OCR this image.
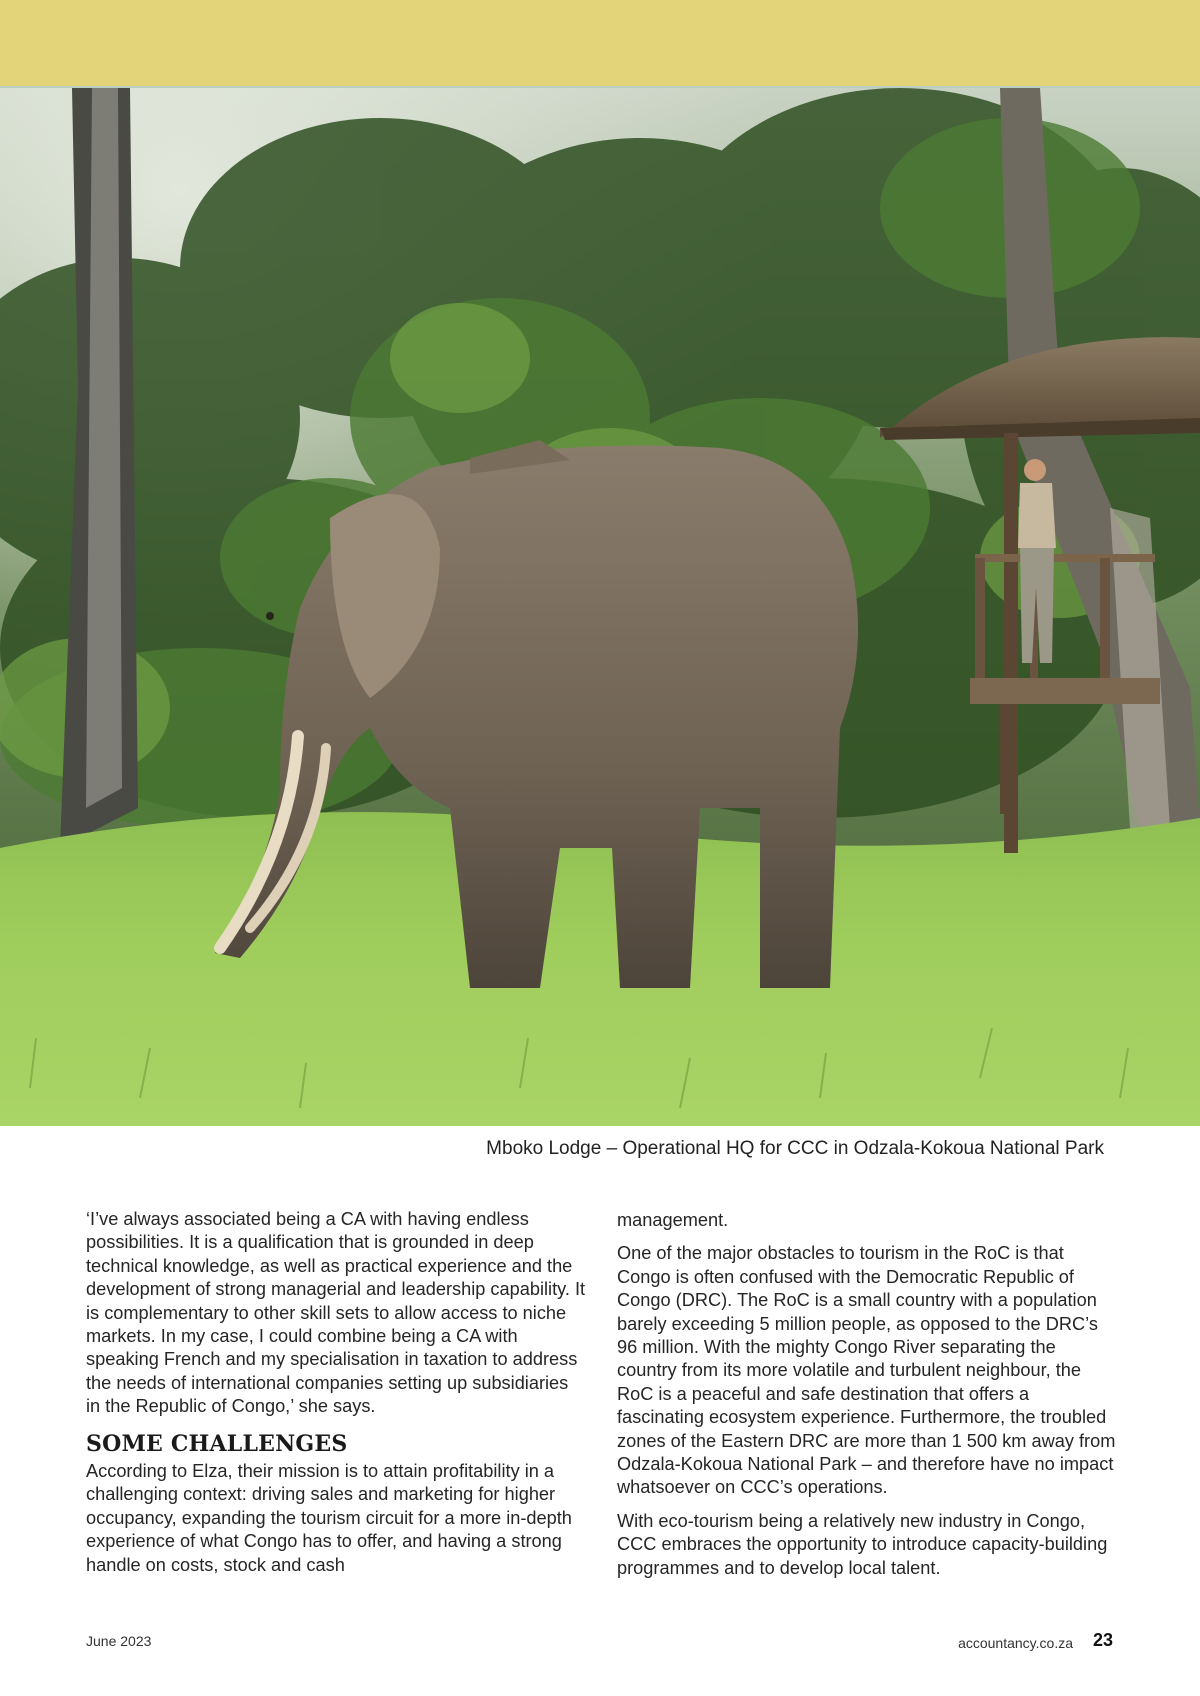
Mboko Lodge – Operational HQ for CCC in Odzala-Kokoua National Park

‘I’ve always associated being a CA with having endless possibilities. It is a qualification that is grounded in deep technical knowledge, as well as practical experience and the development of strong managerial and leadership capability. It is complementary to other skill sets to allow access to niche markets. In my case, I could combine being a CA with speaking French and my specialisation in taxation to address the needs of international companies setting up subsidiaries in the Republic of Congo,’ she says.

SOME CHALLENGES

According to Elza, their mission is to attain profitability in a challenging context: driving sales and marketing for higher occupancy, expanding the tourism circuit for a more in-depth experience of what Congo has to offer, and having a strong handle on costs, stock and cash

management.

One of the major obstacles to tourism in the RoC is that Congo is often confused with the Democratic Republic of Congo (DRC). The RoC is a small country with a population barely exceeding 5 million people, as opposed to the DRC’s 96 million. With the mighty Congo River separating the country from its more volatile and turbulent neighbour, the RoC is a peaceful and safe destination that offers a fascinating ecosystem experience. Furthermore, the troubled zones of the Eastern DRC are more than 1 500 km away from Odzala-Kokoua National Park – and therefore have no impact whatsoever on CCC’s operations.

With eco-tourism being a relatively new industry in Congo, CCC embraces the opportunity to introduce capacity-building programmes and to develop local talent.

June 2023	accountancy.co.za 23
